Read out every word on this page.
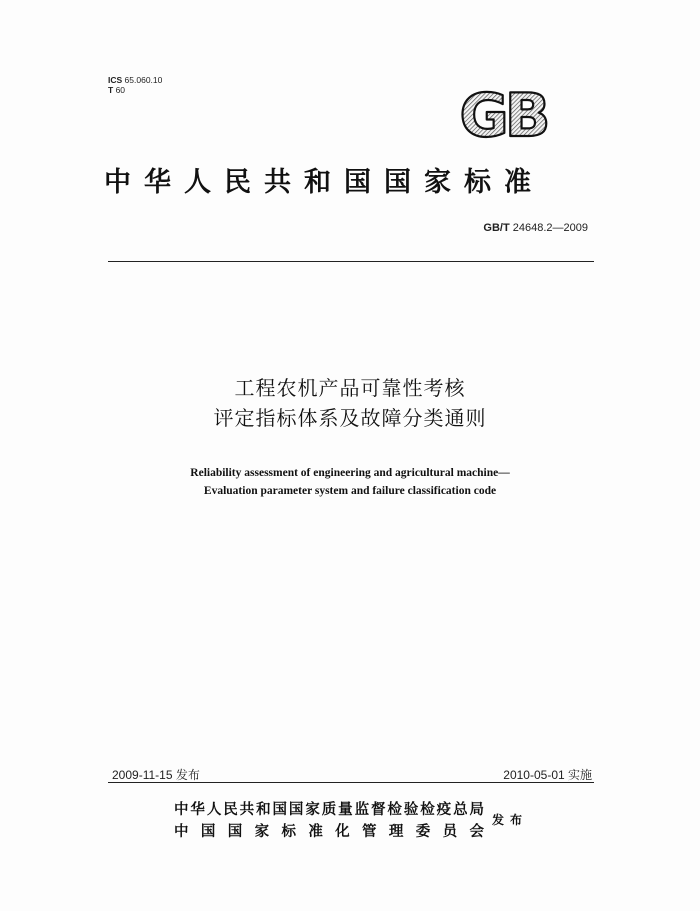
ICS 65.060.10
T 60	GB
中华人民共和国国家标准
GB/T 24648.2—2009
工程农机产品可靠性考核
评定指标体系及故障分类通则
Reliability assessment of engineering and agricultural machine—
Evaluation parameter system and failure classification code
2009-11-15 发布	2010-05-01 实施
中华人民共和国国家质量监督检验检疫总局
中国国家标准化管理委员会
发布
